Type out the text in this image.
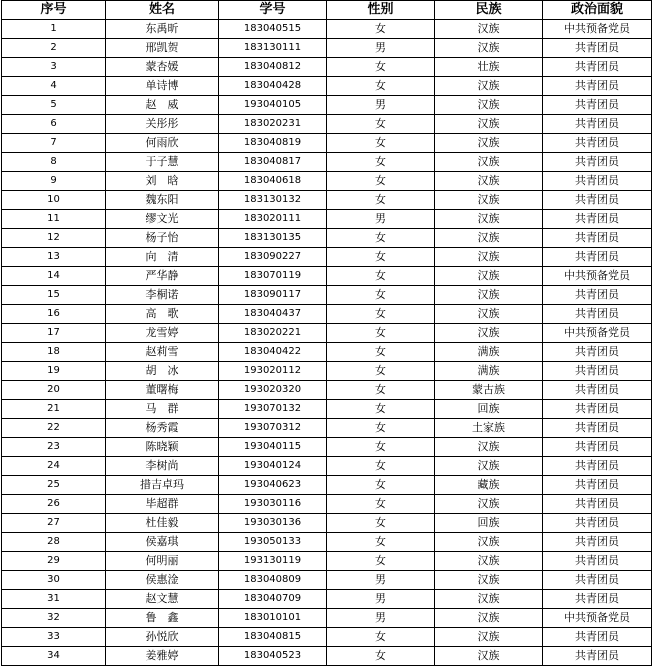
序号	姓名	学号	性别	民族	政治面貌
1	东禹昕	183040515	女	汉族	中共预备党员
2	邢凯贺	183130111	男	汉族	共青团员
3	蒙杏媛	183040812	女	壮族	共青团员
4	单诗博	183040428	女	汉族	共青团员
5	赵　威	193040105	男	汉族	共青团员
6	关彤彤	183020231	女	汉族	共青团员
7	何雨欣	183040819	女	汉族	共青团员
8	于子慧	183040817	女	汉族	共青团员
9	刘　晗	183040618	女	汉族	共青团员
10	魏东阳	183130132	女	汉族	共青团员
11	缪文光	183020111	男	汉族	共青团员
12	杨子怡	183130135	女	汉族	共青团员
13	向　清	183090227	女	汉族	共青团员
14	严华静	183070119	女	汉族	中共预备党员
15	李桐诺	183090117	女	汉族	共青团员
16	高　歌	183040437	女	汉族	共青团员
17	龙雪婷	183020221	女	汉族	中共预备党员
18	赵莉雪	183040422	女	满族	共青团员
19	胡　冰	193020112	女	满族	共青团员
20	董曙梅	193020320	女	蒙古族	共青团员
21	马　群	193070132	女	回族	共青团员
22	杨秀霞	193070312	女	土家族	共青团员
23	陈晓颖	193040115	女	汉族	共青团员
24	李树尚	193040124	女	汉族	共青团员
25	措吉卓玛	193040623	女	藏族	共青团员
26	毕超群	193030116	女	汉族	共青团员
27	杜佳毅	193030136	女	回族	共青团员
28	侯嘉琪	193050133	女	汉族	共青团员
29	何明丽	193130119	女	汉族	共青团员
30	侯惠淦	183040809	男	汉族	共青团员
31	赵文慧	183040709	男	汉族	共青团员
32	鲁　鑫	183010101	男	汉族	中共预备党员
33	孙悦欣	183040815	女	汉族	共青团员
34	姜雅婷	183040523	女	汉族	共青团员
